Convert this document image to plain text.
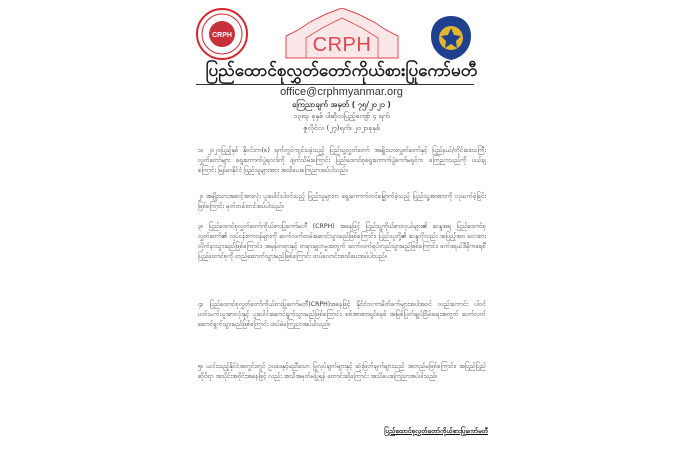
CRPH	CRPH
ပြည်ထောင်စုလွှတ်တော်ကိုယ်စားပြုကော်မတီ
office@crphmyanmar.org
ကြေညာချက် အမှတ် ( ၇၅/၂၀၂၁ )
၁၃၈၃ ခုနှစ် ပါဆိုလပြည့်ကျော် ၄ ရက်
ဇူလိုင်လ (၂၇)ရက်၊ ၂၀၂၁ခုနှစ်
၁။ ၂၀၂၀ပြည့်နှစ် နိုဝင်ဘာ(၈) ရက်တွင်ကျင်းပခဲ့သည့် ပြည်သူ့လွှတ်တော် အမျိုးသားလွှတ်တော်နှင့် ပြည်နယ်/တိုင်းဒေသကြီးလွှတ်တော်များ ရွေးကောက်ပွဲရလဒ်ကို ဖျက်သိမ်းကြောင်း ပြည်ထောင်စုရွေးကောက်ပွဲကော်မရှင်က ကြေညာသည်ကို ပယ်ချကြောင်း မြန်မာနိုင်ငံ ပြည်သူများအား အသိပေးကြေညာအပ်ပါသည်။
၂။ အမျိုးသားအဆင့်အားလုံး ပူးပေါင်းပါဝင်သည့် ပြည်သူများက ရွေးကောက်တင်မြှောက်ခဲ့သည့် ပြည်သူ့အာဏာကို လုယက်ခဲ့ခြင်းဖြစ်ကြောင်း မှတ်တမ်းတင်အပ်ပါသည်။
၃။ ပြည်ထောင်စုလွှတ်တော်ကိုယ်စားပြုကော်မတီ (CRPH) အနေဖြင့် ပြည်သူ့ကိုယ်စားလှယ်များ၏ ဆန္ဒအရ ပြည်ထောင်စုလွှတ်တော်၏ လုပ်ငန်းတာဝန်များကို ဆက်လက်ထမ်းဆောင်သွားမည်ဖြစ်ကြောင်း၊ ပြည်သူတို့၏ ဆန္ဒကိုလည်း အပြည့်အဝ လေးစားလိုက်နာသွားမည်ဖြစ်ကြောင်း၊ အမှန်တရားနှင့် တရားမျှတမှုအတွက် ဆက်လက်ရပ်တည်သွားမည်ဖြစ်ကြောင်း၊ ဖက်ဒရယ်ဒီမိုကရေစီ ပြည်ထောင်စုကို တည်ဆောက်သွားမည်ဖြစ်ကြောင်း ထပ်လောင်းအသိပေးအပ်ပါသည်။
၄။ ပြည်ထောင်စုလွှတ်တော်ကိုယ်စားပြုကော်မတီ(CRPH)အနေဖြင့် နိုင်ငံတကာမိတ်ဖက်များအပါအဝင် လည်းကောင်း ပါဝင်ပတ်သက်သူအားလုံးနှင့် ပူးပေါင်းဆောင်ရွက်သွားမည်ဖြစ်ကြောင်း၊ စစ်အာဏာရှင်စနစ် အမြစ်ပြတ်ချုပ်ငြိမ်းရေးအတွက် ဆက်လက်ဆောင်ရွက်သွားမည်ဖြစ်ကြောင်း ထပ်မံကြေညာအပ်ပါသည်။
၅။ ယင်းသည့်နိုင်ငံအတွင်းတွင် ဥပဒေနှင့်မညီသော ပြုလုပ်ချက်များနှင့် ဆုံးဖြတ်ချက်များသည် အတည်မဖြစ်ကြောင်း၊ အပြည်ပြည်ဆိုင်ရာ အသိုင်းအဝိုင်းအနေဖြင့် လည်း အသိအမှတ်မပြုရန် တောင်းဆိုကြောင်း အသိပေးကြေညာအပ်ပါသည်။
ပြည်ထောင်စုလွှတ်တော်ကိုယ်စားပြုကော်မတီ
